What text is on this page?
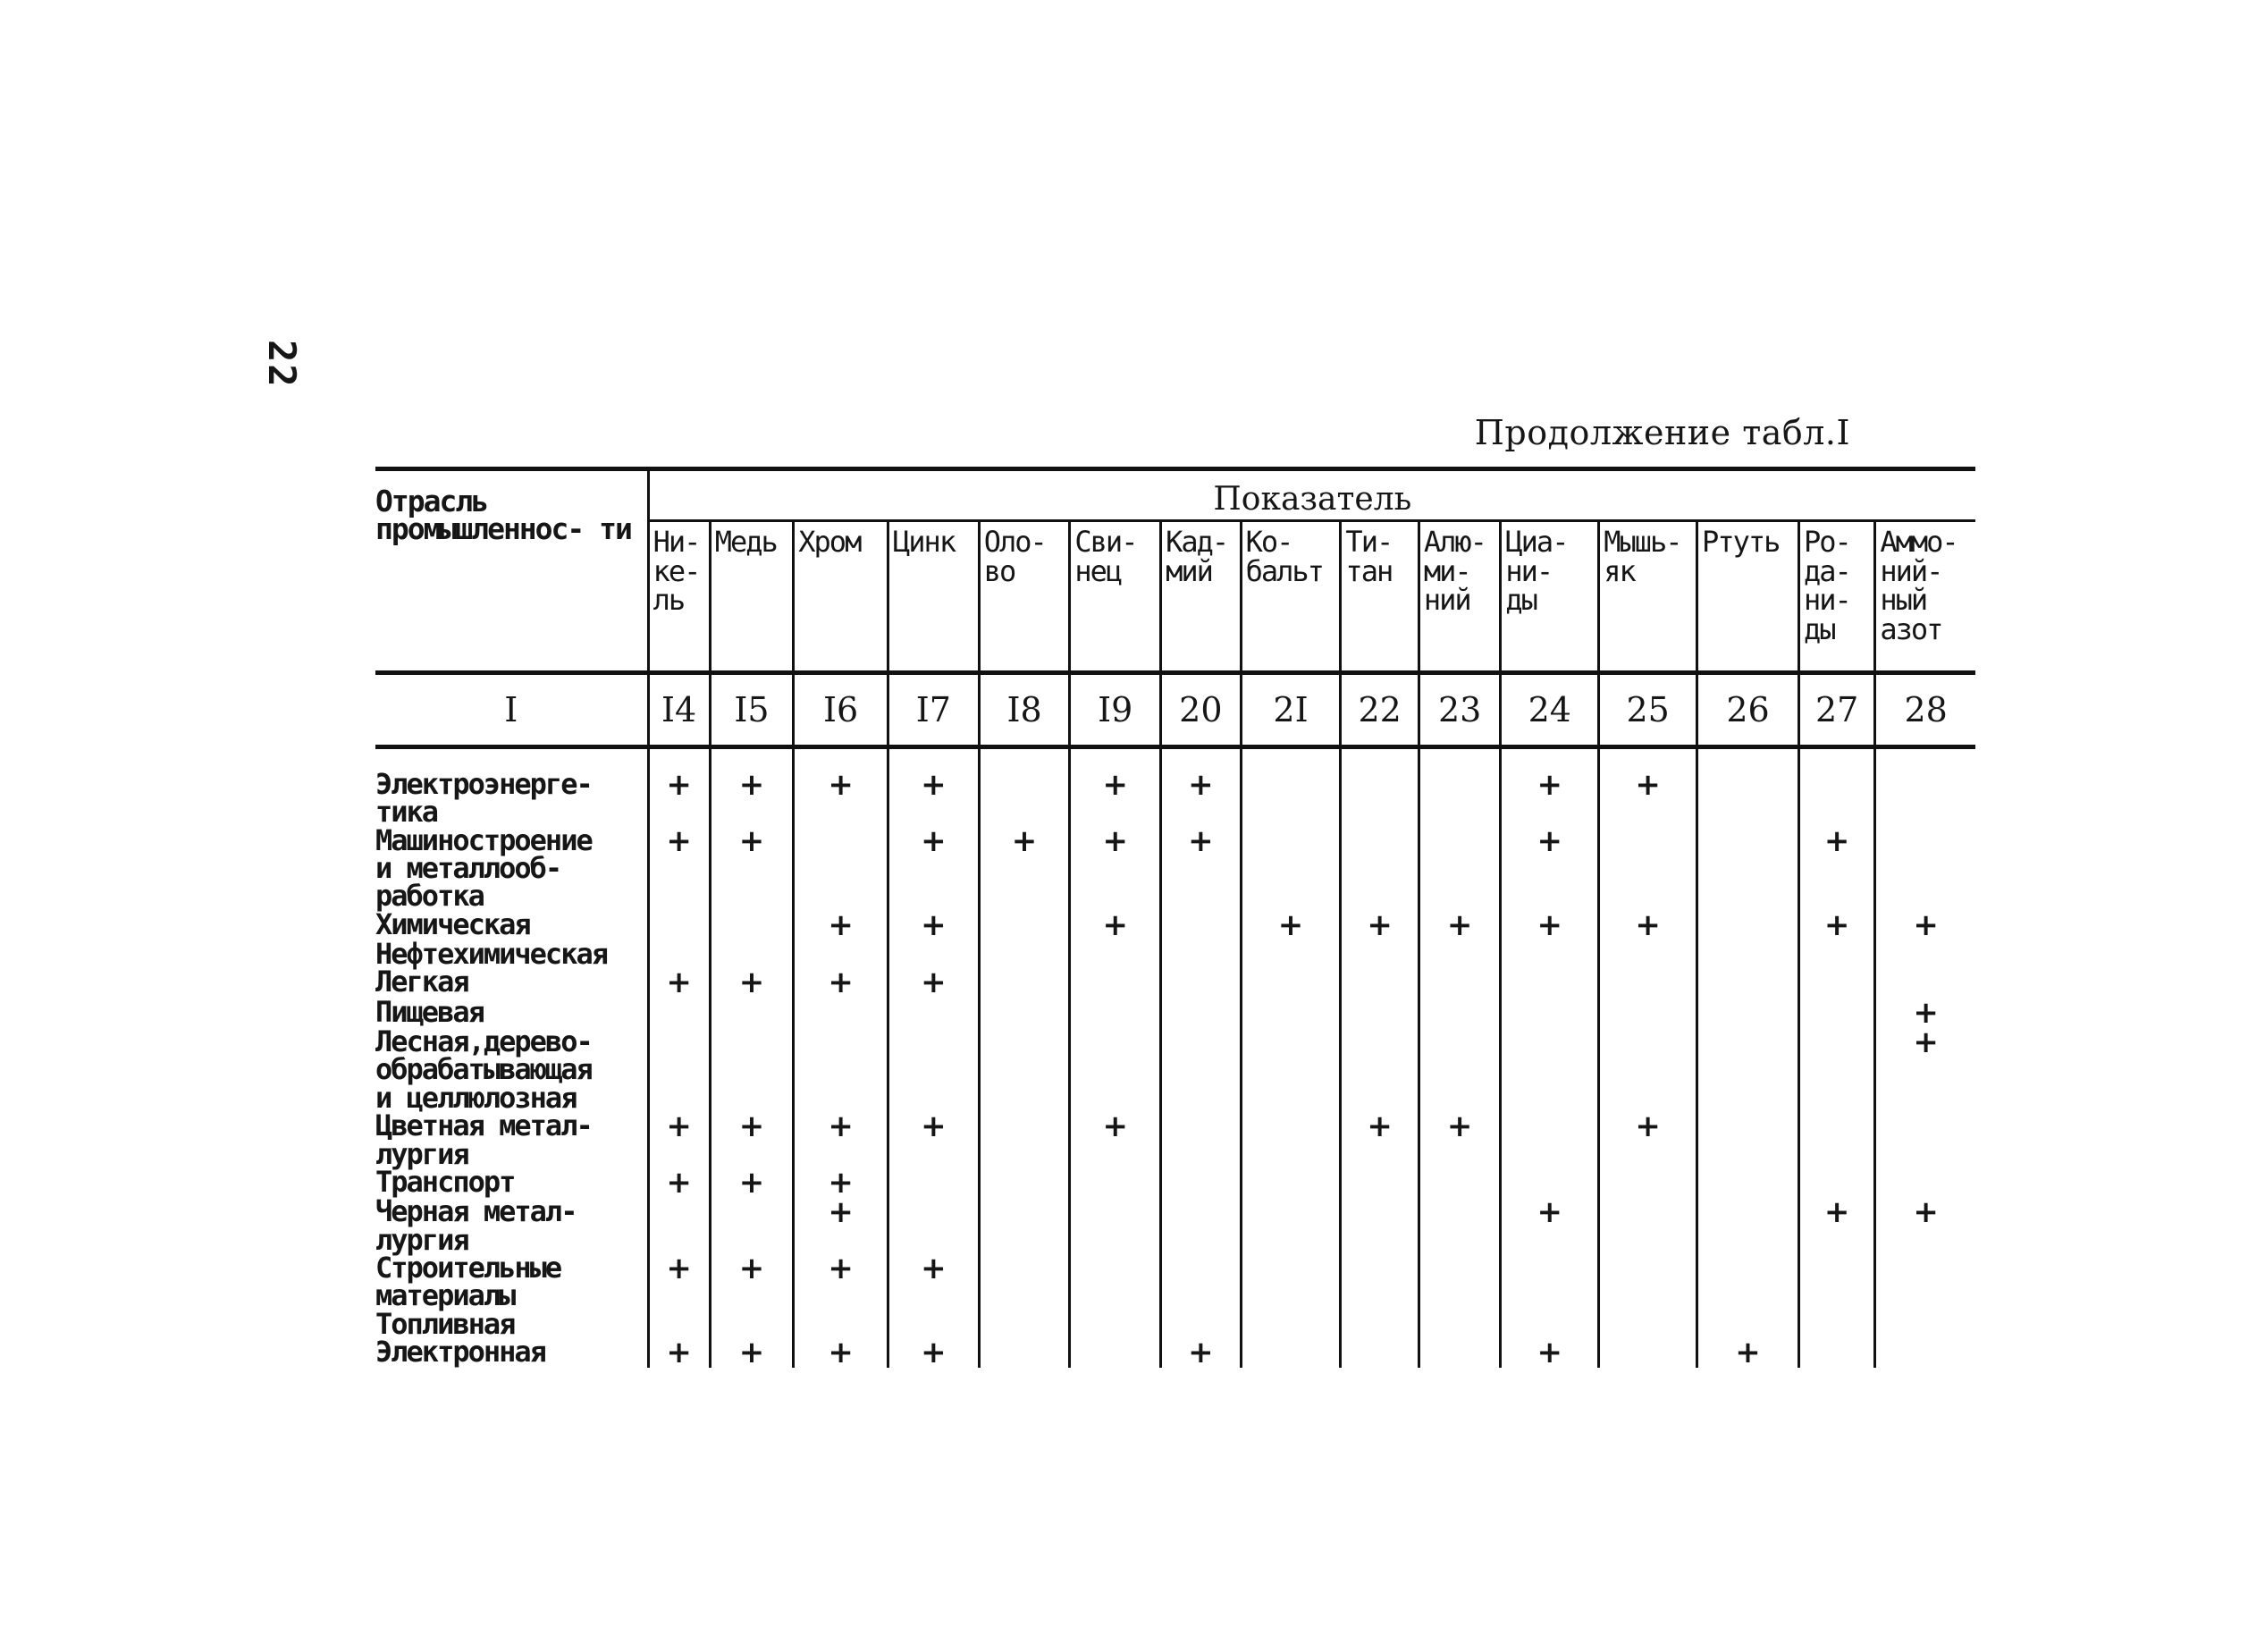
22
Продолжение табл.I
Отрасль промышленнос- ти	Показатель														
	Ни-
ке-
ль	Медь	Хром	Цинк	Оло-
во	Сви-
нец	Кад-
мий	Ко-
бальт	Ти-
тан	Алю-
ми-
ний	Циа-
ни-
ды	Мышь-
як	Ртуть	Ро-
да-
ни-
ды	Аммо-
ний-
ный
азот
I	I4	I5	I6	I7	I8	I9	20	2I	22	23	24	25	26	27	28

Электроэнерге-
тика	+	+	+	+		+	+				+	+			
Машиностроение
и металлооб-
работка	+	+		+	+	+	+				+			+	
Химическая			+	+		+		+	+	+	+	+		+	+
Нефтехимическая															
Легкая	+	+	+	+											
Пищевая															+
Лесная,дерево-
обрабатывающая
и целлюлозная															+
Цветная метал-
лургия	+	+	+	+		+			+	+		+			
Транспорт	+	+	+												
Черная метал-
лургия			+								+			+	+
Строительные
материалы	+	+	+	+											
Топливная															
Электронная	+	+	+	+			+				+		+		
